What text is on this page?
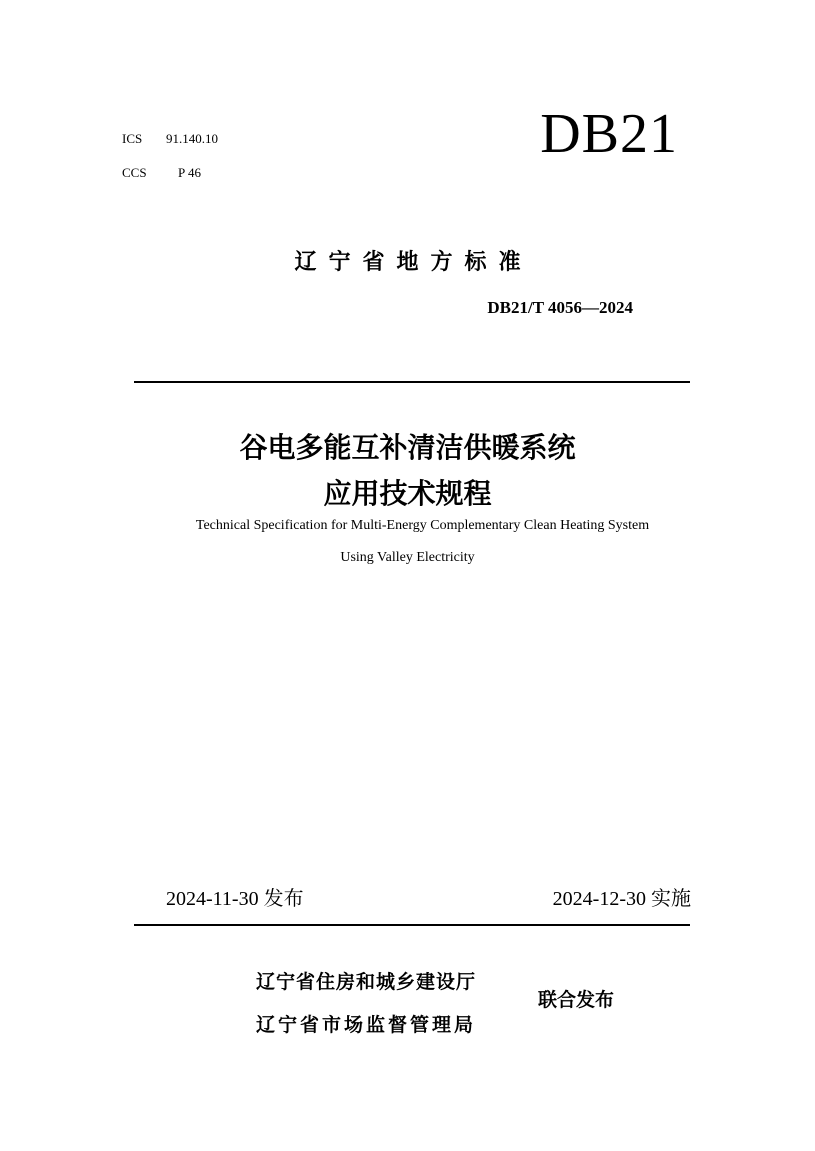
ICS 91.140.10
CCS P 46
DB21
辽宁省地方标准
DB21/T 4056—2024
谷电多能互补清洁供暖系统
应用技术规程
Technical Specification for Multi-Energy Complementary Clean Heating System
Using Valley Electricity
2024-11-30 发布	2024-12-30 实施
辽宁省住房和城乡建设厅
辽宁省市场监督管理局
联合发布
